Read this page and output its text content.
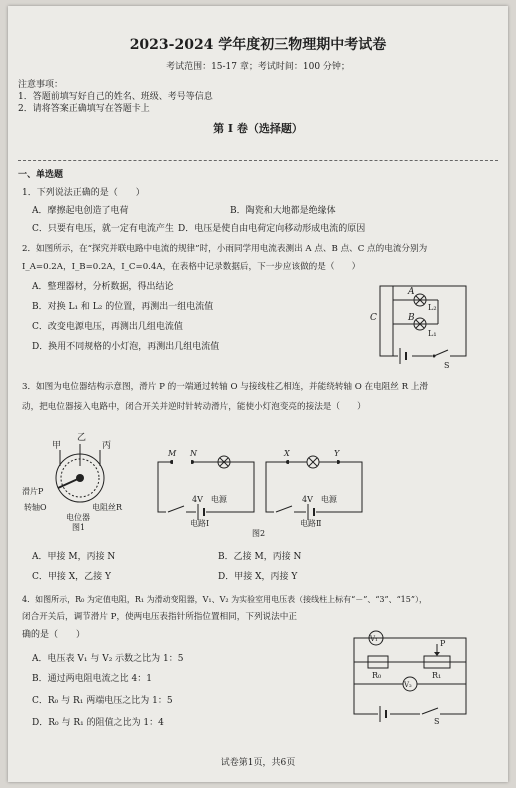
2023-2024 学年度初三物理期中考试卷
考试范围：15-17 章；考试时间：100 分钟；
注意事项：
1．答题前填写好自己的姓名、班级、考号等信息
2．请将答案正确填写在答题卡上
第 I 卷（选择题）
一、单选题
1．下列说法正确的是（　　）
A．摩擦起电创造了电荷	B．陶瓷和大地都是绝缘体
C．只要有电压，就一定有电流产生 D．电压是使自由电荷定向移动形成电流的原因
2．如图所示，在“探究并联电路中电流的规律”时，小雨同学用电流表测出 A 点、B 点、C 点的电流分别为
I_A=0.2A，I_B=0.2A，I_C=0.4A，在表格中记录数据后，下一步应该做的是（　　）
A．整理器材，分析数据，得出结论
B．对换 L₁ 和 L₂ 的位置，再测出一组电流值
C．改变电源电压，再测出几组电流值
D．换用不同规格的小灯泡，再测出几组电流值
A
B
C
L₂
L₁
S
3．如图为电位器结构示意图，滑片 P 的一端通过转轴 O 与接线柱乙相连，并能绕转轴 O 在电阻丝 R 上滑
动，把电位器接入电路中，闭合开关并逆时针转动滑片，能使小灯泡变亮的接法是（　　）
甲
乙
丙
滑片P
转轴O	电阻丝R
电位器
图1
M N
4V　电源
电路Ⅰ
X	Y
4V　电源
电路Ⅱ
图2
A．甲接 M，丙接 N	B．乙接 M，丙接 N
C．甲接 X，乙接 Y	D．甲接 X，丙接 Y
4．如图所示，R₀ 为定值电阻，R₁ 为滑动变阻器，V₁、V₂ 为实验室用电压表（接线柱上标有“－”、“3”、“15”），
闭合开关后，调节滑片 P，使两电压表指针所指位置相同，下列说法中正
确的是（　　）
A．电压表 V₁ 与 V₂ 示数之比为 1：5
B．通过两电阻电流之比 4：1
C．R₀ 与 R₁ 两端电压之比为 1：5
D．R₀ 与 R₁ 的阻值之比为 1：4
V₁
V₂
R₀	R₁
P
S
试卷第1页，共6页
